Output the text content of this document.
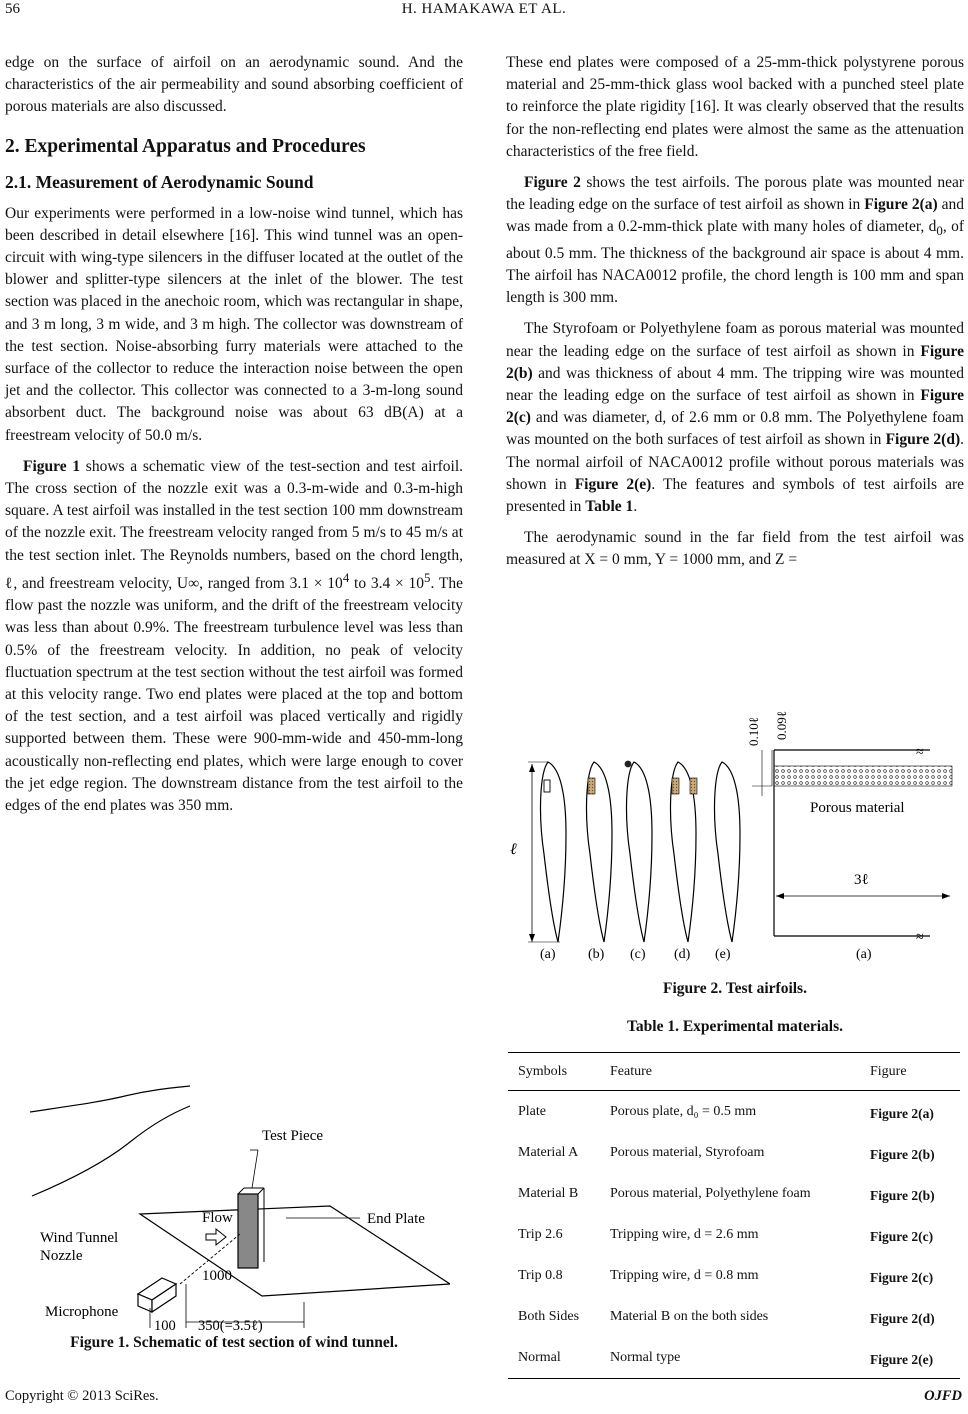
56	H. HAMAKAWA ET AL.

edge on the surface of airfoil on an aerodynamic sound. And the characteristics of the air permeability and sound absorbing coefficient of porous materials are also discussed.

2. Experimental Apparatus and Procedures
2.1. Measurement of Aerodynamic Sound

Our experiments were performed in a low-noise wind tunnel, which has been described in detail elsewhere [16]. This wind tunnel was an open-circuit with wing-type silencers in the diffuser located at the outlet of the blower and splitter-type silencers at the inlet of the blower. The test section was placed in the anechoic room, which was rectangular in shape, and 3 m long, 3 m wide, and 3 m high. The collector was downstream of the test section. Noise-absorbing furry materials were attached to the surface of the collector to reduce the interaction noise between the open jet and the collector. This collector was connected to a 3-m-long sound absorbent duct. The background noise was about 63 dB(A) at a freestream velocity of 50.0 m/s.

Figure 1 shows a schematic view of the test-section and test airfoil. The cross section of the nozzle exit was a 0.3-m-wide and 0.3-m-high square. A test airfoil was installed in the test section 100 mm downstream of the nozzle exit. The freestream velocity ranged from 5 m/s to 45 m/s at the test section inlet. The Reynolds numbers, based on the chord length, ℓ, and freestream velocity, U∞, ranged from $3.1 \times 10^4$ to $3.4 \times 10^5$. The flow past the nozzle was uniform, and the drift of the freestream velocity was less than about 0.9%. The freestream turbulence level was less than 0.5% of the freestream velocity. In addition, no peak of velocity fluctuation spectrum at the test section without the test airfoil was formed at this velocity range. Two end plates were placed at the top and bottom of the test section, and a test airfoil was placed vertically and rigidly supported between them. These were 900-mm-wide and 450-mm-long acoustically non-reflecting end plates, which were large enough to cover the jet edge region. The downstream distance from the test airfoil to the edges of the end plates was 350 mm.

Test Piece
End Plate
Flow
Wind Tunnel
Nozzle
1000
Microphone
100 350(=3.5ℓ)
Figure 1. Schematic of test section of wind tunnel.

These end plates were composed of a 25-mm-thick polystyrene porous material and 25-mm-thick glass wool backed with a punched steel plate to reinforce the plate rigidity [16]. It was clearly observed that the results for the non-reflecting end plates were almost the same as the attenuation characteristics of the free field.

Figure 2 shows the test airfoils. The porous plate was mounted near the leading edge on the surface of test airfoil as shown in Figure 2(a) and was made from a 0.2-mm-thick plate with many holes of diameter, $d_0$, of about 0.5 mm. The thickness of the background air space is about 4 mm. The airfoil has NACA0012 profile, the chord length is 100 mm and span length is 300 mm.

The Styrofoam or Polyethylene foam as porous material was mounted near the leading edge on the surface of test airfoil as shown in Figure 2(b) and was thickness of about 4 mm. The tripping wire was mounted near the leading edge on the surface of test airfoil as shown in Figure 2(c) and was diameter, d, of 2.6 mm or 0.8 mm. The Polyethylene foam was mounted on the both surfaces of test airfoil as shown in Figure 2(d). The normal airfoil of NACA0012 profile without porous materials was shown in Figure 2(e). The features and symbols of test airfoils are presented in Table 1.

The aerodynamic sound in the far field from the test airfoil was measured at X = 0 mm, Y = 1000 mm, and Z =

ℓ
≈
≈
0.10ℓ 0.09ℓ
Porous material
3ℓ
(a) (b) (c) (d) (e)	(a)
Figure 2. Test airfoils.
Table 1. Experimental materials.
Symbols	Feature	Figure
Plate	Porous plate, d₀ = 0.5 mm	Figure 2(a)
Material A	Porous material, Styrofoam	Figure 2(b)
Material B	Porous material, Polyethylene foam	Figure 2(b)
Trip 2.6	Tripping wire, d = 2.6 mm	Figure 2(c)
Trip 0.8	Tripping wire, d = 0.8 mm	Figure 2(c)
Both Sides	Material B on the both sides	Figure 2(d)
Normal	Normal type	Figure 2(e)
Copyright © 2013 SciRes.	OJFD
